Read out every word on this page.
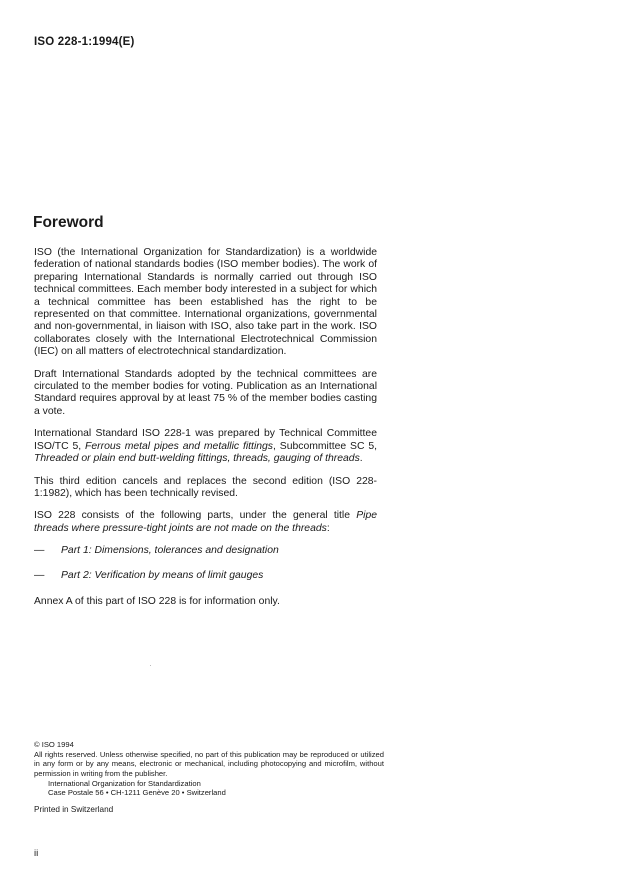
ISO 228-1:1994(E)
Foreword

ISO (the International Organization for Standardization) is a worldwide federation of national standards bodies (ISO member bodies). The work of preparing International Standards is normally carried out through ISO technical committees. Each member body interested in a subject for which a technical committee has been established has the right to be represented on that committee. International organizations, governmental and non-governmental, in liaison with ISO, also take part in the work. ISO collaborates closely with the International Electrotechnical Commission (IEC) on all matters of electrotechnical standardization.

Draft International Standards adopted by the technical committees are circulated to the member bodies for voting. Publication as an International Standard requires approval by at least 75 % of the member bodies casting a vote.

International Standard ISO 228-1 was prepared by Technical Committee ISO/TC 5, Ferrous metal pipes and metallic fittings, Subcommittee SC 5, Threaded or plain end butt-welding fittings, threads, gauging of threads.

This third edition cancels and replaces the second edition (ISO 228-1:1982), which has been technically revised.

ISO 228 consists of the following parts, under the general title Pipe threads where pressure-tight joints are not made on the threads:

— Part 1: Dimensions, tolerances and designation
— Part 2: Verification by means of limit gauges

Annex A of this part of ISO 228 is for information only.

© ISO 1994
All rights reserved. Unless otherwise specified, no part of this publication may be reproduced or utilized in any form or by any means, electronic or mechanical, including photocopying and microfilm, without permission in writing from the publisher.
International Organization for Standardization
Case Postale 56 • CH-1211 Genève 20 • Switzerland
Printed in Switzerland
ii
